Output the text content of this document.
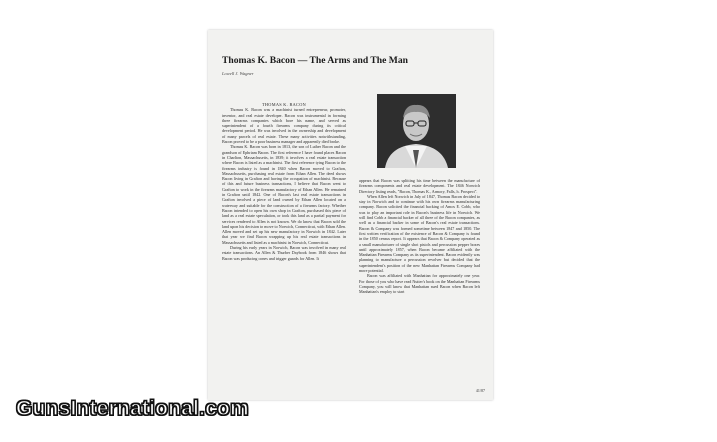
Thomas K. Bacon — The Arms and The Man
Lowell J. Wagner

THOMAS K. BACON

Thomas K. Bacon was a machinist turned entrepreneur, promoter, inventor, and real estate developer. Bacon was instrumental in forming three firearms companies which bore his name, and served as superintendent of a fourth firearms company during its critical development period. He was involved in the ownership and development of many parcels of real estate. These many activities notwithstanding, Bacon proved to be a poor business manager and apparently died broke.

Thomas K. Bacon was born in 1813, the son of Luther Bacon and the grandson of Ephriam Bacon. The first reference I have found places Bacon in Charlton, Massachusetts, in 1839; it involves a real estate transaction where Bacon is listed as a machinist. The first reference tying Bacon to the firearms industry is found in 1840 when Bacon moved to Grafton, Massachusetts, purchasing real estate from Ethan Allen. The deed shows Bacon living in Grafton and having the occupation of machinist. Because of this and future business transactions, I believe that Bacon went to Grafton to work in the firearms manufactory of Ethan Allen. He remained in Grafton until 1842. One of Bacon's last real estate transactions in Grafton involved a piece of land owned by Ethan Allen located on a waterway and suitable for the construction of a firearms factory. Whether Bacon intended to open his own shop in Grafton, purchased this piece of land as a real estate speculation, or took this land as a partial payment for services rendered to Allen is not known. We do know that Bacon sold the land upon his decision to move to Norwich, Connecticut, with Ethan Allen. Allen moved and set up his new manufactory in Norwich in 1842. Later that year we find Bacon wrapping up his real estate transactions in Massachusetts and listed as a machinist in Norwich, Connecticut.

During his early years in Norwich, Bacon was involved in many real estate transactions. An Allen & Thurber Daybook from 1846 shows that Bacon was producing cones and trigger guards for Allen. It

appears that Bacon was splitting his time between the manufacture of firearms components and real estate development. The 1846 Norwich Directory listing reads, "Bacon, Thomas K., Armory, Falls, h. Prospect".

When Allen left Norwich in July of 1847, Thomas Bacon decided to stay in Norwich and to continue with his own firearms manufacturing company. Bacon solicited the financial backing of Amos E. Cobb, who was to play an important role in Bacon's business life in Norwich. We will find Cobb a financial backer of all three of the Bacon companies, as well as a financial backer in some of Bacon's real estate transactions. Bacon & Company was formed sometime between 1847 and 1850. The first written verification of the existence of Bacon & Company is found in the 1850 census report. It appears that Bacon & Company operated as a small manufacturer of single shot pistols and percussion pepper boxes until approximately 1857, when Bacon became affiliated with the Manhattan Firearms Company as its superintendent. Bacon evidently was planning to manufacture a percussion revolver but decided that the superintendent's position of the new Manhattan Firearms Company had more potential.

Bacon was affiliated with Manhattan for approximately one year. For those of you who have read Nutter's book on the Manhattan Firearms Company, you will know that Manhattan sued Bacon when Bacon left Manhattan's employ to start

41/87
GunsInternational.com
